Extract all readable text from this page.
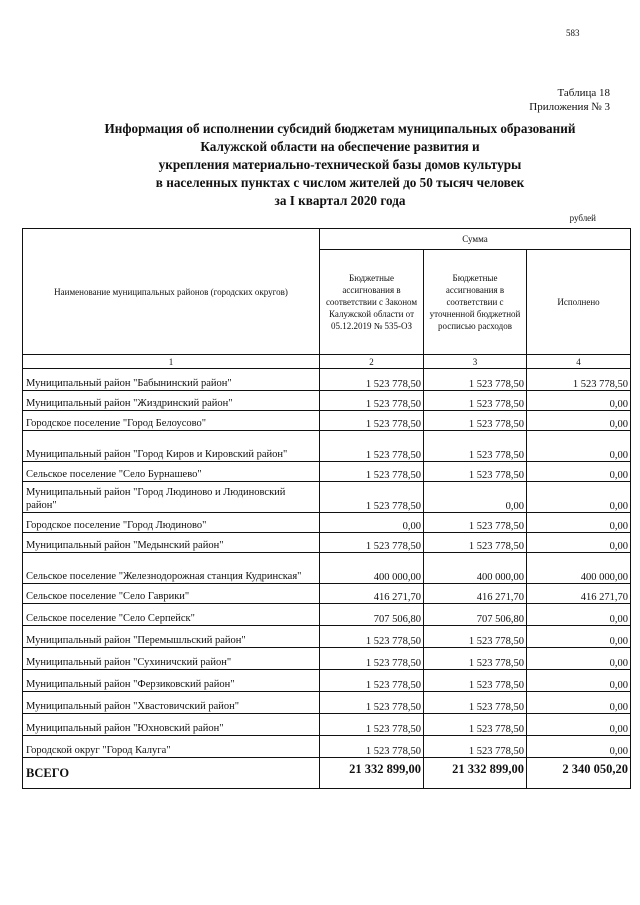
583
Таблица 18
Приложения № 3
Информация об исполнении субсидий бюджетам муниципальных образований
Калужской области на обеспечение развития и
укрепления материально-технической базы домов культуры
в населенных пунктах с числом жителей до 50 тысяч человек
за I квартал 2020 года
рублей
Наименование муниципальных районов (городских округов)	Сумма		
	Бюджетные ассигнования в соответствии с Законом Калужской области от 05.12.2019 № 535-ОЗ	Бюджетные ассигнования в соответствии с уточненной бюджетной росписью расходов	Исполнено
1	2	3	4
Муниципальный район "Бабынинский район"	1 523 778,50	1 523 778,50	1 523 778,50
Муниципальный район "Жиздринский район"	1 523 778,50	1 523 778,50	0,00
Городское поселение "Город Белоусово"	1 523 778,50	1 523 778,50	0,00
Муниципальный район "Город Киров и Кировский район"	1 523 778,50	1 523 778,50	0,00
Сельское поселение "Село Бурнашево"	1 523 778,50	1 523 778,50	0,00
Муниципальный район "Город Людиново и Людиновский район"	1 523 778,50	0,00	0,00
Городское поселение "Город Людиново"	0,00	1 523 778,50	0,00
Муниципальный район "Медынский район"	1 523 778,50	1 523 778,50	0,00
Сельское поселение "Железнодорожная станция Кудринская"	400 000,00	400 000,00	400 000,00
Сельское поселение "Село Гаврики"	416 271,70	416 271,70	416 271,70
Сельское поселение "Село Серпейск"	707 506,80	707 506,80	0,00
Муниципальный район "Перемышльский район"	1 523 778,50	1 523 778,50	0,00
Муниципальный район "Сухиничский район"	1 523 778,50	1 523 778,50	0,00
Муниципальный район "Ферзиковский район"	1 523 778,50	1 523 778,50	0,00
Муниципальный район "Хвастовичский район"	1 523 778,50	1 523 778,50	0,00
Муниципальный район "Юхновский район"	1 523 778,50	1 523 778,50	0,00
Городской округ "Город Калуга"	1 523 778,50	1 523 778,50	0,00
ВСЕГО	21 332 899,00	21 332 899,00	2 340 050,20
